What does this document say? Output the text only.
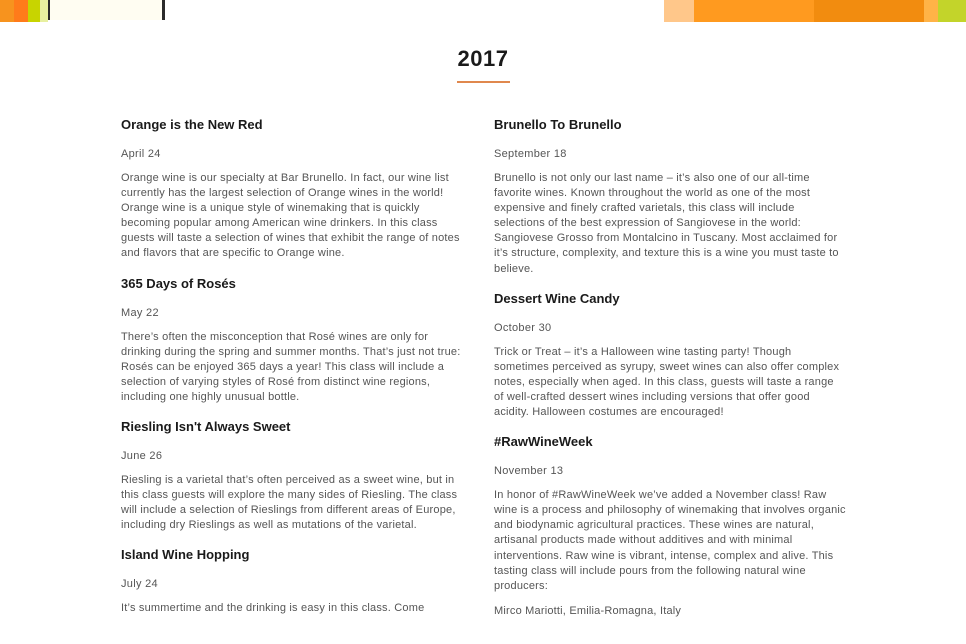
2017
Orange is the New Red
April 24
Orange wine is our specialty at Bar Brunello. In fact, our wine list currently has the largest selection of Orange wines in the world! Orange wine is a unique style of winemaking that is quickly becoming popular among American wine drinkers. In this class guests will taste a selection of wines that exhibit the range of notes and flavors that are specific to Orange wine.
365 Days of Rosés
May 22
There’s often the misconception that Rosé wines are only for drinking during the spring and summer months. That’s just not true: Rosés can be enjoyed 365 days a year! This class will include a selection of varying styles of Rosé from distinct wine regions, including one highly unusual bottle.
Riesling Isn't Always Sweet
June 26
Riesling is a varietal that’s often perceived as a sweet wine, but in this class guests will explore the many sides of Riesling. The class will include a selection of Rieslings from different areas of Europe, including dry Rieslings as well as mutations of the varietal.
Island Wine Hopping
July 24
It’s summertime and the drinking is easy in this class. Come
Brunello To Brunello
September 18
Brunello is not only our last name – it’s also one of our all-time favorite wines. Known throughout the world as one of the most expensive and finely crafted varietals, this class will include selections of the best expression of Sangiovese in the world: Sangiovese Grosso from Montalcino in Tuscany. Most acclaimed for it’s structure, complexity, and texture this is a wine you must taste to believe.
Dessert Wine Candy
October 30
Trick or Treat – it’s a Halloween wine tasting party! Though sometimes perceived as syrupy, sweet wines can also offer complex notes, especially when aged. In this class, guests will taste a range of well-crafted dessert wines including versions that offer good acidity. Halloween costumes are encouraged!
#RawWineWeek
November 13
In honor of #RawWineWeek we’ve added a November class! Raw wine is a process and philosophy of winemaking that involves organic and biodynamic agricultural practices. These wines are natural, artisanal products made without additives and with minimal interventions. Raw wine is vibrant, intense, complex and alive. This tasting class will include pours from the following natural wine producers:
Mirco Mariotti, Emilia-Romagna, Italy
